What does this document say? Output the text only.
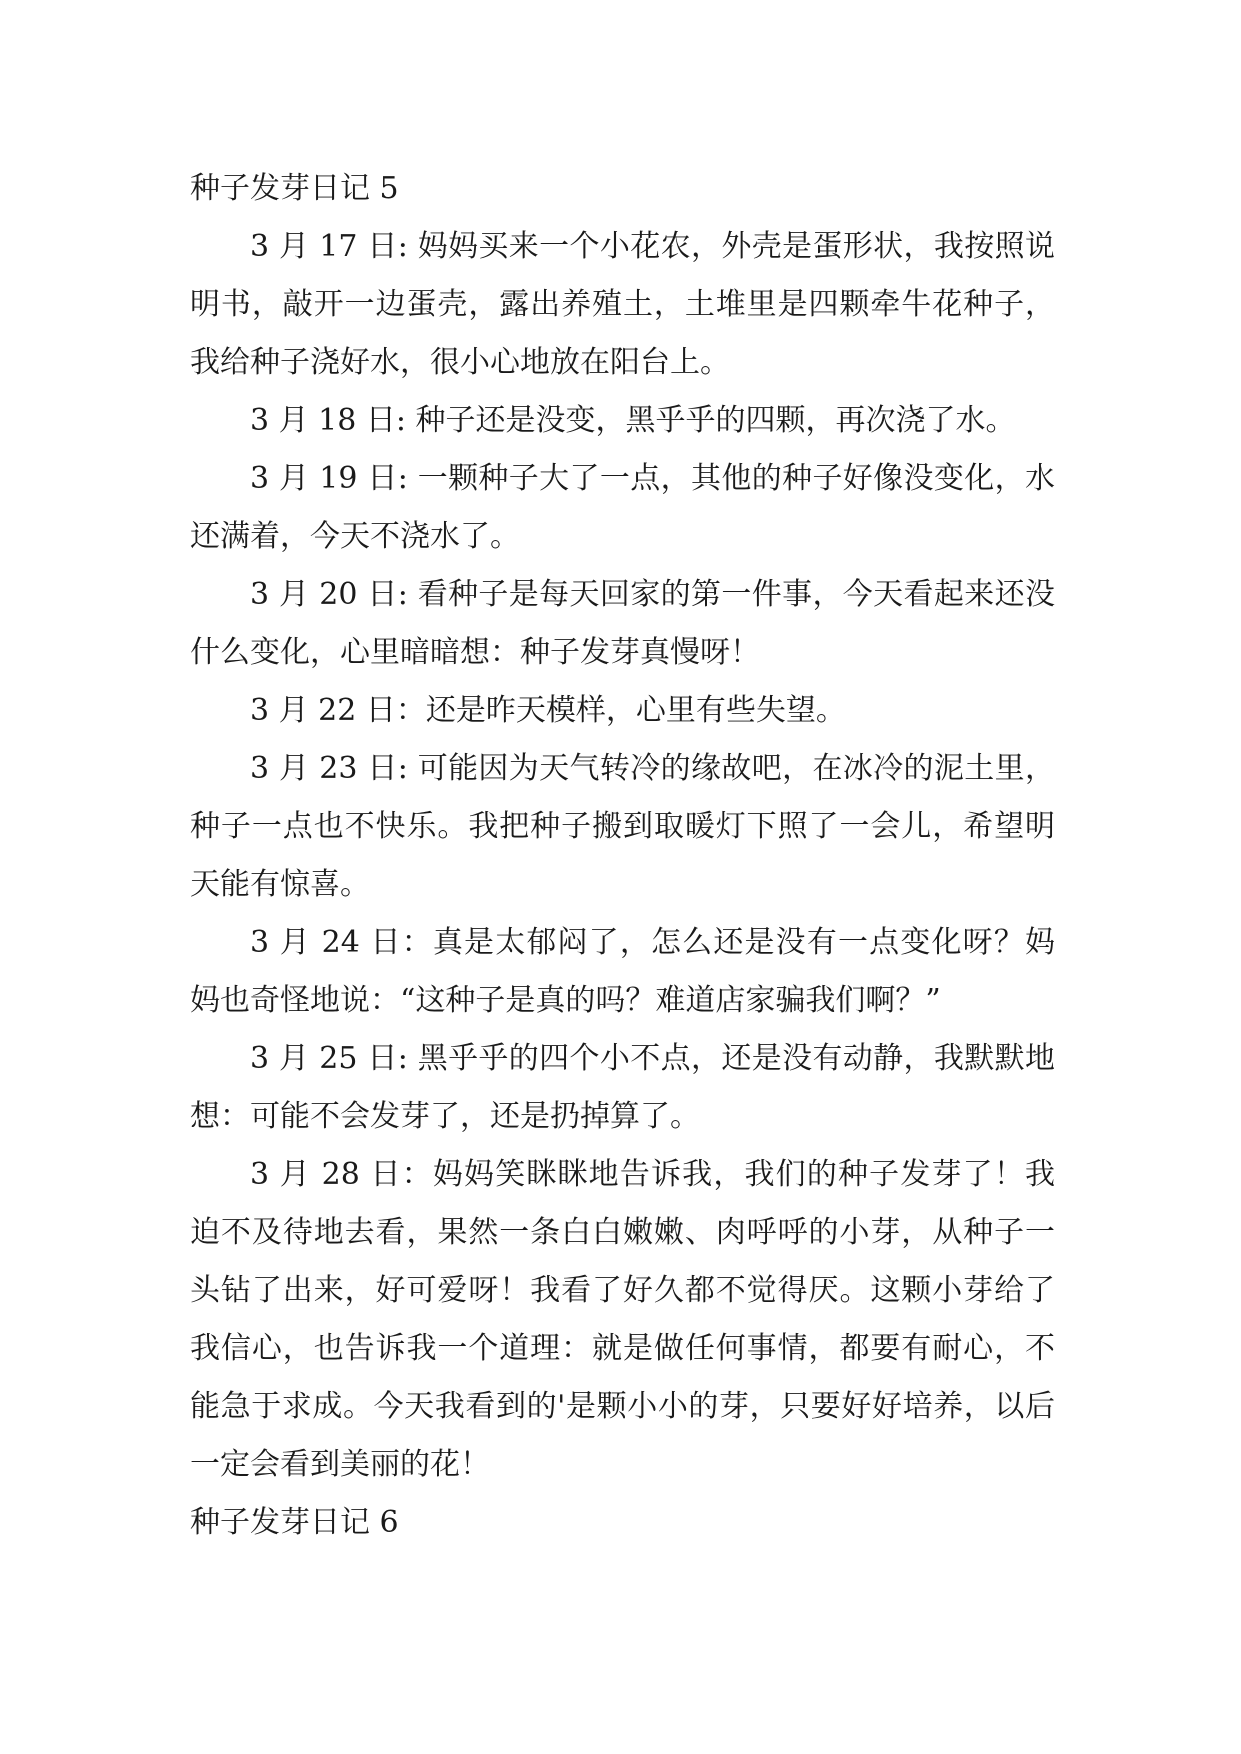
种子发芽日记 5

3 月 17 日: 妈妈买来一个小花农，外壳是蛋形状，我按照说明书，敲开一边蛋壳，露出养殖土，土堆里是四颗牵牛花种子，我给种子浇好水，很小心地放在阳台上。

3 月 18 日: 种子还是没变，黑乎乎的四颗，再次浇了水。

3 月 19 日: 一颗种子大了一点，其他的种子好像没变化，水还满着，今天不浇水了。

3 月 20 日: 看种子是每天回家的第一件事，今天看起来还没什么变化，心里暗暗想：种子发芽真慢呀！

3 月 22 日：还是昨天模样，心里有些失望。

3 月 23 日: 可能因为天气转冷的缘故吧，在冰冷的泥土里，种子一点也不快乐。我把种子搬到取暖灯下照了一会儿，希望明天能有惊喜。

3 月 24 日：真是太郁闷了，怎么还是没有一点变化呀？妈妈也奇怪地说：“这种子是真的吗？难道店家骗我们啊？”

3 月 25 日: 黑乎乎的四个小不点，还是没有动静，我默默地想：可能不会发芽了，还是扔掉算了。

3 月 28 日：妈妈笑眯眯地告诉我，我们的种子发芽了！我迫不及待地去看，果然一条白白嫩嫩、肉呼呼的小芽，从种子一头钻了出来，好可爱呀！我看了好久都不觉得厌。这颗小芽给了我信心，也告诉我一个道理：就是做任何事情，都要有耐心，不能急于求成。今天我看到的'是颗小小的芽，只要好好培养，以后一定会看到美丽的花！

种子发芽日记 6
